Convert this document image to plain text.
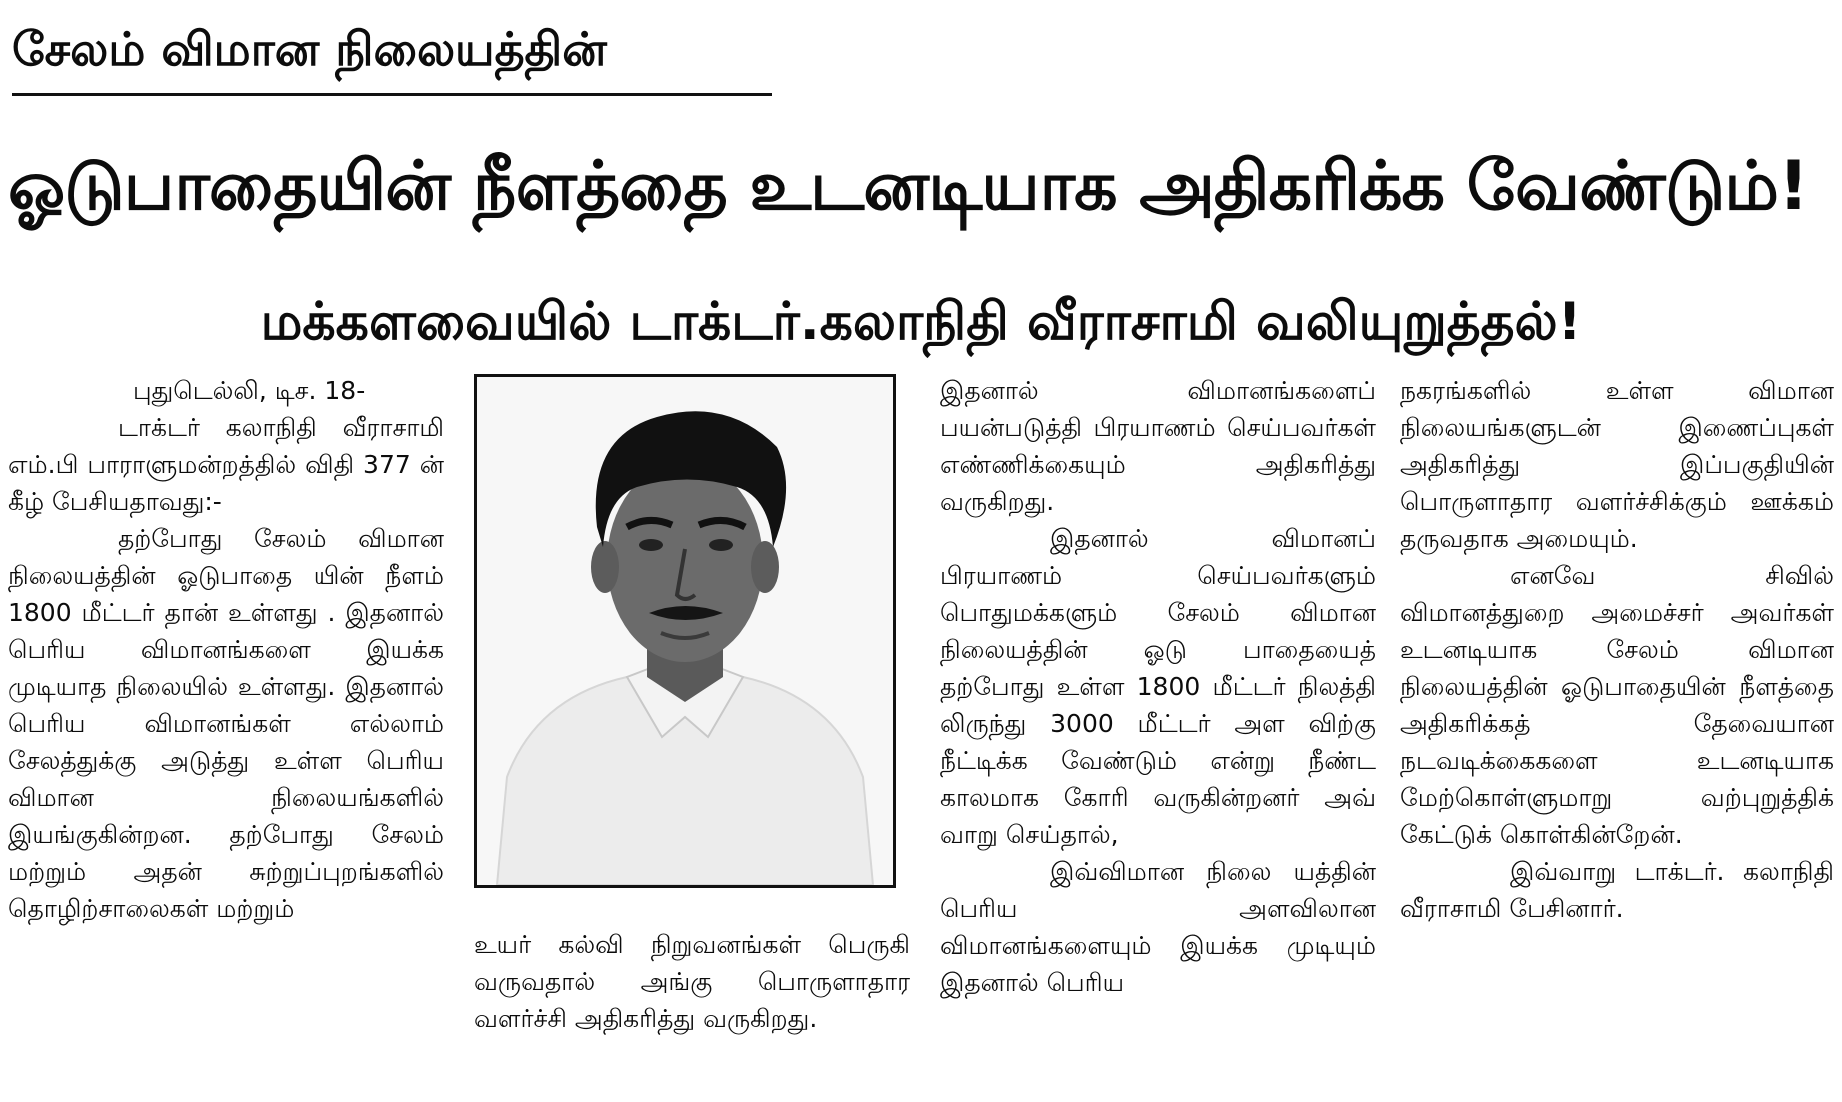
சேலம் விமான நிலையத்தின்
ஓடுபாதையின் நீளத்தை உடனடியாக அதிகரிக்க வேண்டும்!
மக்களவையில் டாக்டர்.கலாநிதி வீராசாமி வலியுறுத்தல்!

புதுடெல்லி, டிச. 18-

டாக்டர் கலாநிதி வீராசாமி எம்.பி பாராளுமன்றத்தில் விதி 377 ன் கீழ் பேசியதாவது:-

தற்போது சேலம் விமான நிலையத்தின் ஓடுபாதை யின் நீளம் 1800 மீட்டர் தான் உள்ளது . இதனால் பெரிய விமானங்களை இயக்க முடியாத நிலையில் உள்ளது. இதனால் பெரிய விமானங்கள் எல்லாம் சேலத்துக்கு அடுத்து உள்ள பெரிய விமான நிலையங்களில் இயங்குகின்றன. தற்போது சேலம் மற்றும் அதன் சுற்றுப்புறங்களில் தொழிற்சாலைகள் மற்றும்

உயர் கல்வி நிறுவனங்கள் பெருகி வருவதால் அங்கு பொருளாதார வளர்ச்சி அதிகரித்து வருகிறது.

இதனால் விமானங்களைப் பயன்படுத்தி பிரயாணம் செய்பவர்கள் எண்ணிக்கையும் அதிகரித்து வருகிறது.

இதனால் விமானப் பிரயாணம் செய்பவர்களும் பொதுமக்களும் சேலம் விமான நிலையத்தின் ஓடு பாதையைத் தற்போது உள்ள 1800 மீட்டர் நிலத்தி லிருந்து 3000 மீட்டர் அள விற்கு நீட்டிக்க வேண்டும் என்று நீண்ட காலமாக கோரி வருகின்றனர் அவ் வாறு செய்தால்,

இவ்விமான நிலை யத்தின் பெரிய அளவிலான விமானங்களையும் இயக்க முடியும் இதனால் பெரிய

நகரங்களில் உள்ள விமான நிலையங்களுடன் இணைப்புகள் அதிகரித்து இப்பகுதியின் பொருளாதார வளர்ச்சிக்கும் ஊக்கம் தருவதாக அமையும்.

எனவே சிவில் விமானத்துறை அமைச்சர் அவர்கள் உடனடியாக சேலம் விமான நிலையத்தின் ஓடுபாதையின் நீளத்தை அதிகரிக்கத் தேவையான நடவடிக்கைகளை உடனடியாக மேற்கொள்ளுமாறு வற்புறுத்திக் கேட்டுக் கொள்கின்றேன்.

இவ்வாறு டாக்டர். கலாநிதி வீராசாமி பேசினார்.
